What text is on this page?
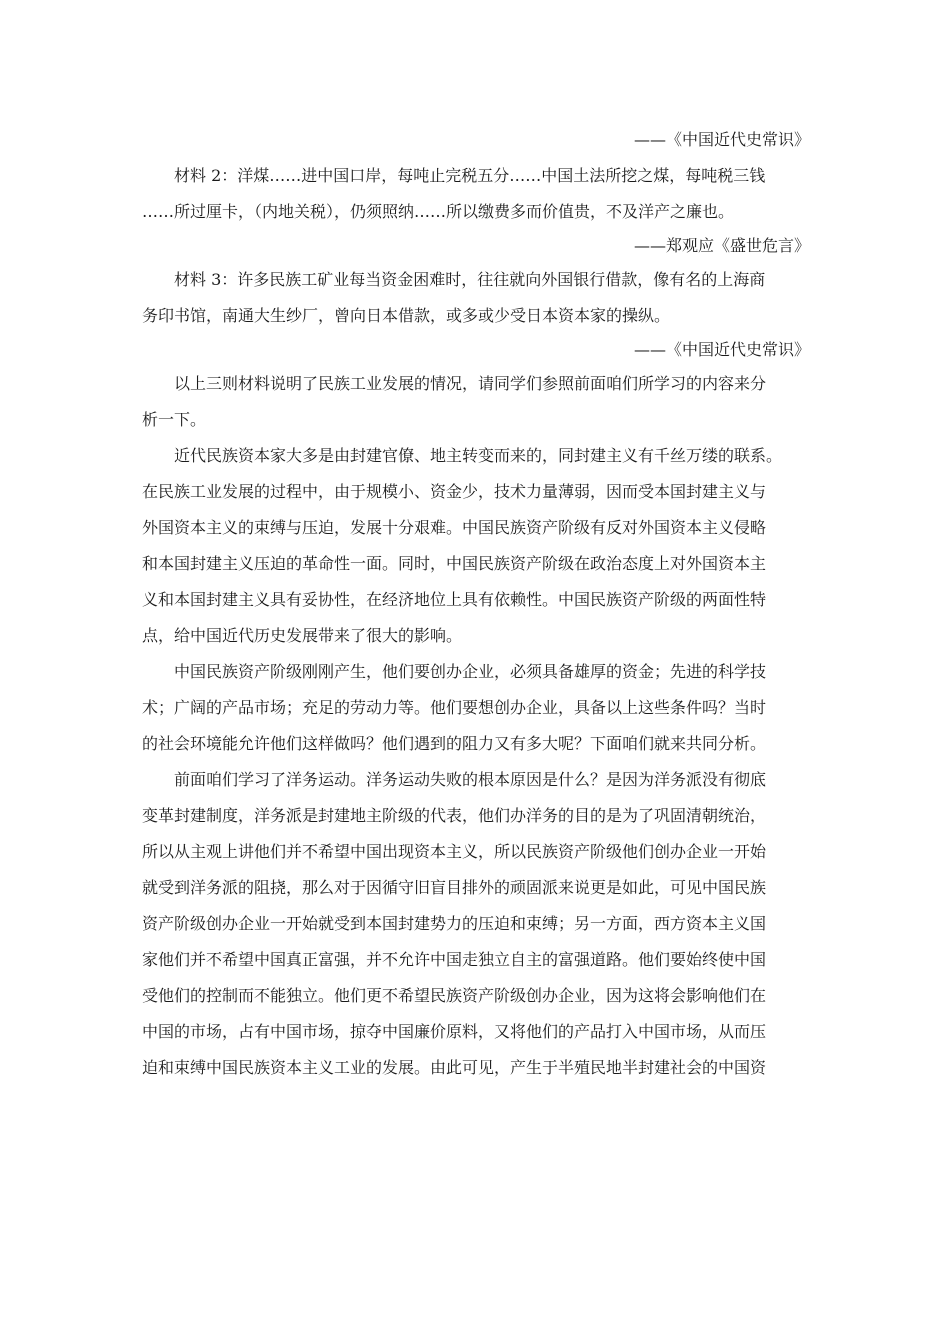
——《中国近代史常识》
材料 2：洋煤……进中国口岸，每吨止完税五分……中国土法所挖之煤，每吨税三钱
……所过厘卡，（内地关税），仍须照纳……所以缴费多而价值贵，不及洋产之廉也。
——郑观应《盛世危言》
材料 3：许多民族工矿业每当资金困难时，往往就向外国银行借款，像有名的上海商
务印书馆，南通大生纱厂，曾向日本借款，或多或少受日本资本家的操纵。
——《中国近代史常识》
以上三则材料说明了民族工业发展的情况，请同学们参照前面咱们所学习的内容来分
析一下。
近代民族资本家大多是由封建官僚、地主转变而来的，同封建主义有千丝万缕的联系。
在民族工业发展的过程中，由于规模小、资金少，技术力量薄弱，因而受本国封建主义与
外国资本主义的束缚与压迫，发展十分艰难。中国民族资产阶级有反对外国资本主义侵略
和本国封建主义压迫的革命性一面。同时，中国民族资产阶级在政治态度上对外国资本主
义和本国封建主义具有妥协性，在经济地位上具有依赖性。中国民族资产阶级的两面性特
点，给中国近代历史发展带来了很大的影响。
中国民族资产阶级刚刚产生，他们要创办企业，必须具备雄厚的资金；先进的科学技
术；广阔的产品市场；充足的劳动力等。他们要想创办企业，具备以上这些条件吗？当时
的社会环境能允许他们这样做吗？他们遇到的阻力又有多大呢？下面咱们就来共同分析。
前面咱们学习了洋务运动。洋务运动失败的根本原因是什么？是因为洋务派没有彻底
变革封建制度，洋务派是封建地主阶级的代表，他们办洋务的目的是为了巩固清朝统治，
所以从主观上讲他们并不希望中国出现资本主义，所以民族资产阶级他们创办企业一开始
就受到洋务派的阻挠，那么对于因循守旧盲目排外的顽固派来说更是如此，可见中国民族
资产阶级创办企业一开始就受到本国封建势力的压迫和束缚；另一方面，西方资本主义国
家他们并不希望中国真正富强，并不允许中国走独立自主的富强道路。他们要始终使中国
受他们的控制而不能独立。他们更不希望民族资产阶级创办企业，因为这将会影响他们在
中国的市场，占有中国市场，掠夺中国廉价原料，又将他们的产品打入中国市场，从而压
迫和束缚中国民族资本主义工业的发展。由此可见，产生于半殖民地半封建社会的中国资
